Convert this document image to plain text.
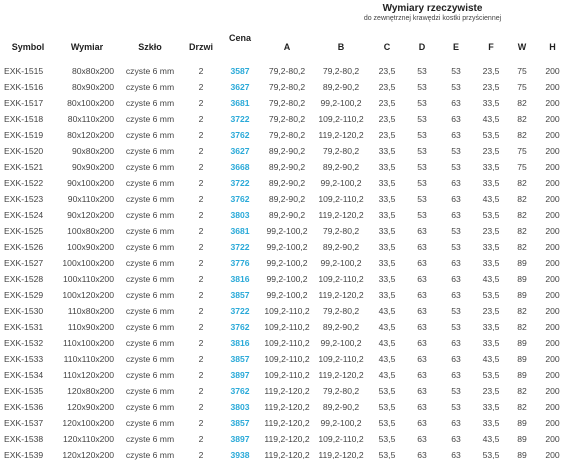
Wymiary rzeczywiste
do zewnętrznej krawędzi kostki przyściennej
Symbol	Wymiar	Szkło	Drzwi	Cena	A	B	C	D	E	F	W	H
EXK-1515	80x80x200	czyste 6 mm	2	3587	79,2-80,2	79,2-80,2	23,5	53	53	23,5	75	200
EXK-1516	80x90x200	czyste 6 mm	2	3627	79,2-80,2	89,2-90,2	23,5	53	53	23,5	75	200
EXK-1517	80x100x200	czyste 6 mm	2	3681	79,2-80,2	99,2-100,2	23,5	53	63	33,5	82	200
EXK-1518	80x110x200	czyste 6 mm	2	3722	79,2-80,2	109,2-110,2	23,5	53	63	43,5	82	200
EXK-1519	80x120x200	czyste 6 mm	2	3762	79,2-80,2	119,2-120,2	23,5	53	63	53,5	82	200
EXK-1520	90x80x200	czyste 6 mm	2	3627	89,2-90,2	79,2-80,2	33,5	53	53	23,5	75	200
EXK-1521	90x90x200	czyste 6 mm	2	3668	89,2-90,2	89,2-90,2	33,5	53	53	33,5	75	200
EXK-1522	90x100x200	czyste 6 mm	2	3722	89,2-90,2	99,2-100,2	33,5	53	63	33,5	82	200
EXK-1523	90x110x200	czyste 6 mm	2	3762	89,2-90,2	109,2-110,2	33,5	53	63	43,5	82	200
EXK-1524	90x120x200	czyste 6 mm	2	3803	89,2-90,2	119,2-120,2	33,5	53	63	53,5	82	200
EXK-1525	100x80x200	czyste 6 mm	2	3681	99,2-100,2	79,2-80,2	33,5	63	53	23,5	82	200
EXK-1526	100x90x200	czyste 6 mm	2	3722	99,2-100,2	89,2-90,2	33,5	63	53	33,5	82	200
EXK-1527	100x100x200	czyste 6 mm	2	3776	99,2-100,2	99,2-100,2	33,5	63	63	33,5	89	200
EXK-1528	100x110x200	czyste 6 mm	2	3816	99,2-100,2	109,2-110,2	33,5	63	63	43,5	89	200
EXK-1529	100x120x200	czyste 6 mm	2	3857	99,2-100,2	119,2-120,2	33,5	63	63	53,5	89	200
EXK-1530	110x80x200	czyste 6 mm	2	3722	109,2-110,2	79,2-80,2	43,5	63	53	23,5	82	200
EXK-1531	110x90x200	czyste 6 mm	2	3762	109,2-110,2	89,2-90,2	43,5	63	53	33,5	82	200
EXK-1532	110x100x200	czyste 6 mm	2	3816	109,2-110,2	99,2-100,2	43,5	63	63	33,5	89	200
EXK-1533	110x110x200	czyste 6 mm	2	3857	109,2-110,2	109,2-110,2	43,5	63	63	43,5	89	200
EXK-1534	110x120x200	czyste 6 mm	2	3897	109,2-110,2	119,2-120,2	43,5	63	63	53,5	89	200
EXK-1535	120x80x200	czyste 6 mm	2	3762	119,2-120,2	79,2-80,2	53,5	63	53	23,5	82	200
EXK-1536	120x90x200	czyste 6 mm	2	3803	119,2-120,2	89,2-90,2	53,5	63	53	33,5	82	200
EXK-1537	120x100x200	czyste 6 mm	2	3857	119,2-120,2	99,2-100,2	53,5	63	63	33,5	89	200
EXK-1538	120x110x200	czyste 6 mm	2	3897	119,2-120,2	109,2-110,2	53,5	63	63	43,5	89	200
EXK-1539	120x120x200	czyste 6 mm	2	3938	119,2-120,2	119,2-120,2	53,5	63	63	53,5	89	200
